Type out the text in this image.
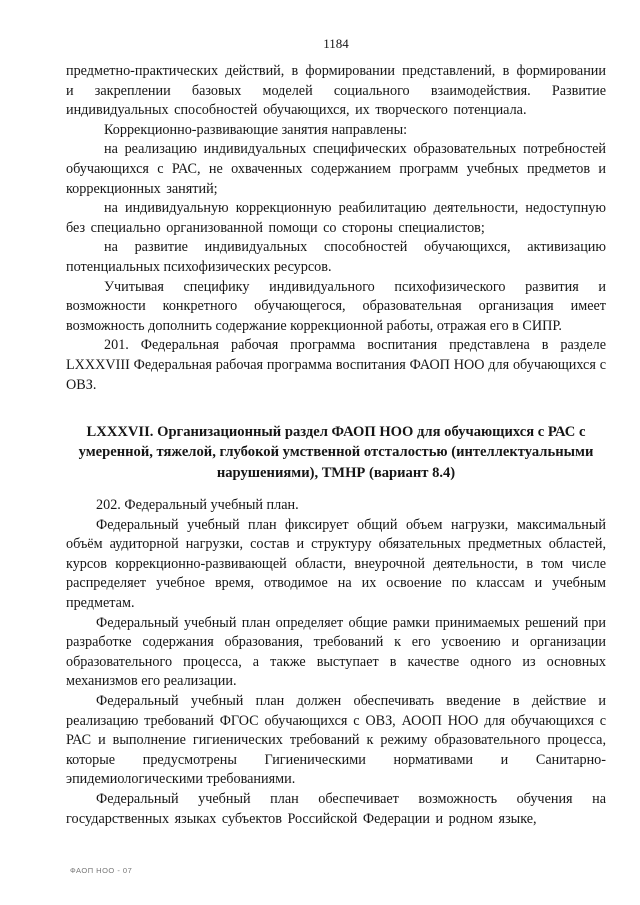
1184

предметно-практических действий, в формировании представлений, в формировании и закреплении базовых моделей социального взаимодействия. Развитие индивидуальных способностей обучающихся, их творческого потенциала.

Коррекционно-развивающие занятия направлены:

на реализацию индивидуальных специфических образовательных потребностей обучающихся с РАС, не охваченных содержанием программ учебных предметов и коррекционных занятий;

на индивидуальную коррекционную реабилитацию деятельности, недоступную без специально организованной помощи со стороны специалистов;

на развитие индивидуальных способностей обучающихся, активизацию потенциальных психофизических ресурсов.

Учитывая специфику индивидуального психофизического развития и возможности конкретного обучающегося, образовательная организация имеет возможность дополнить содержание коррекционной работы, отражая его в СИПР.

201. Федеральная рабочая программа воспитания представлена в разделе LXXXVIII Федеральная рабочая программа воспитания ФАОП НОО для обучающихся с ОВЗ.

LXXXVII. Организационный раздел ФАОП НОО для обучающихся с РАС с умеренной, тяжелой, глубокой умственной отсталостью (интеллектуальными нарушениями), ТМНР (вариант 8.4)

202. Федеральный учебный план.

Федеральный учебный план фиксирует общий объем нагрузки, максимальный объём аудиторной нагрузки, состав и структуру обязательных предметных областей, курсов коррекционно-развивающей области, внеурочной деятельности, в том числе распределяет учебное время, отводимое на их освоение по классам и учебным предметам.

Федеральный учебный план определяет общие рамки принимаемых решений при разработке содержания образования, требований к его усвоению и организации образовательного процесса, а также выступает в качестве одного из основных механизмов его реализации.

Федеральный учебный план должен обеспечивать введение в действие и реализацию требований ФГОС обучающихся с ОВЗ, АООП НОО для обучающихся с РАС и выполнение гигиенических требований к режиму образовательного процесса, которые предусмотрены Гигиеническими нормативами и Санитарно-эпидемиологическими требованиями.

Федеральный учебный план обеспечивает возможность обучения на государственных языках субъектов Российской Федерации и родном языке,

ФАОП НОО - 07
